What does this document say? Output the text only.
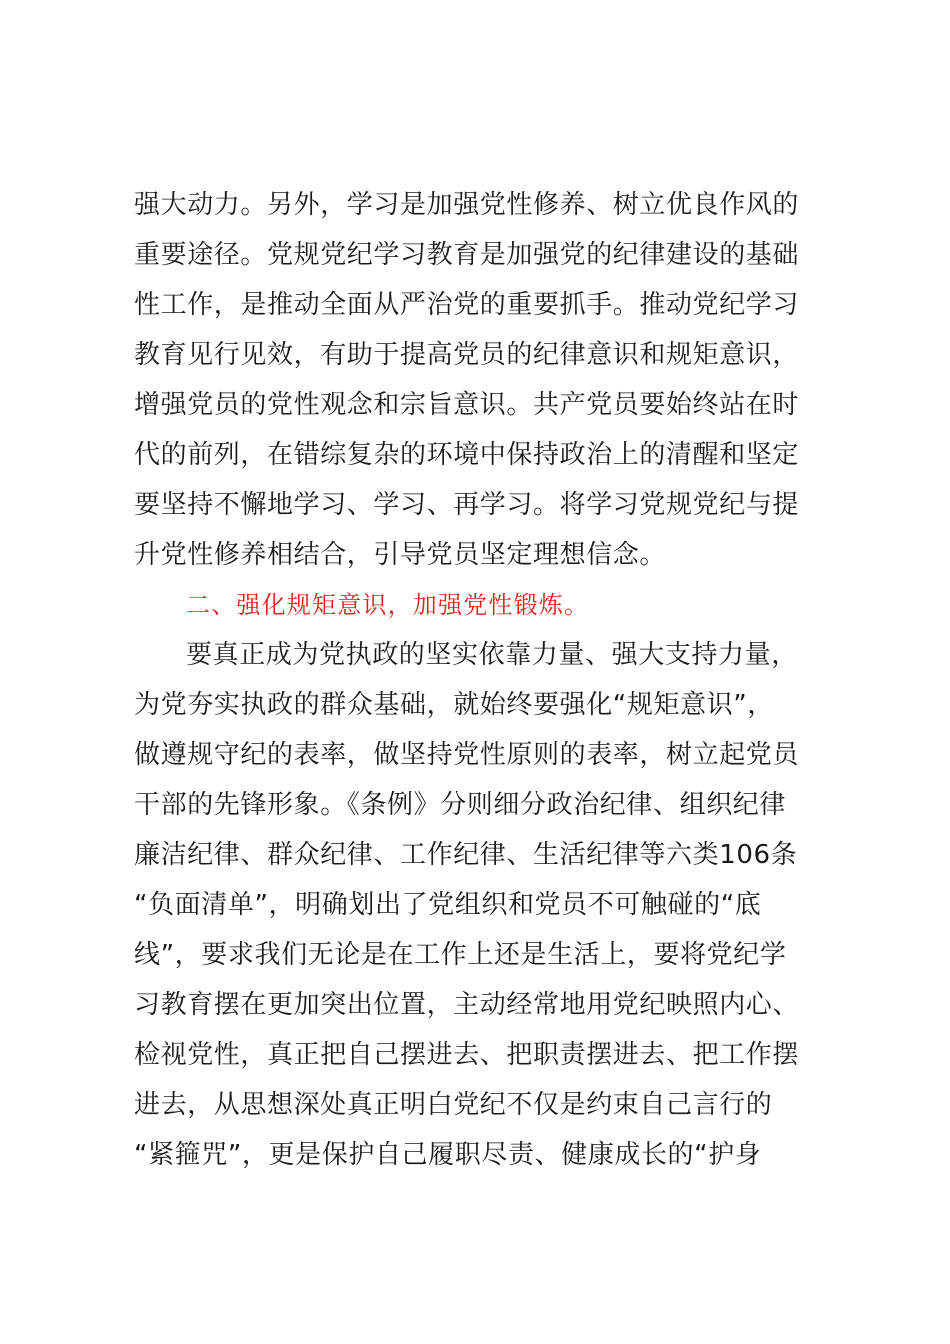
强大动力。另外，学习是加强党性修养、树立优良作风的
重要途径。党规党纪学习教育是加强党的纪律建设的基础
性工作，是推动全面从严治党的重要抓手。推动党纪学习
教育见行见效，有助于提高党员的纪律意识和规矩意识，
增强党员的党性观念和宗旨意识。共产党员要始终站在时
代的前列，在错综复杂的环境中保持政治上的清醒和坚定
要坚持不懈地学习、学习、再学习。将学习党规党纪与提
升党性修养相结合，引导党员坚定理想信念。
二、强化规矩意识，加强党性锻炼。
要真正成为党执政的坚实依靠力量、强大支持力量，
为党夯实执政的群众基础，就始终要强化“规矩意识”，
做遵规守纪的表率，做坚持党性原则的表率，树立起党员
干部的先锋形象。《条例》分则细分政治纪律、组织纪律
廉洁纪律、群众纪律、工作纪律、生活纪律等六类106条
“负面清单”，明确划出了党组织和党员不可触碰的“底
线”，要求我们无论是在工作上还是生活上，要将党纪学
习教育摆在更加突出位置，主动经常地用党纪映照内心、
检视党性，真正把自己摆进去、把职责摆进去、把工作摆
进去，从思想深处真正明白党纪不仅是约束自己言行的
“紧箍咒”，更是保护自己履职尽责、健康成长的“护身
